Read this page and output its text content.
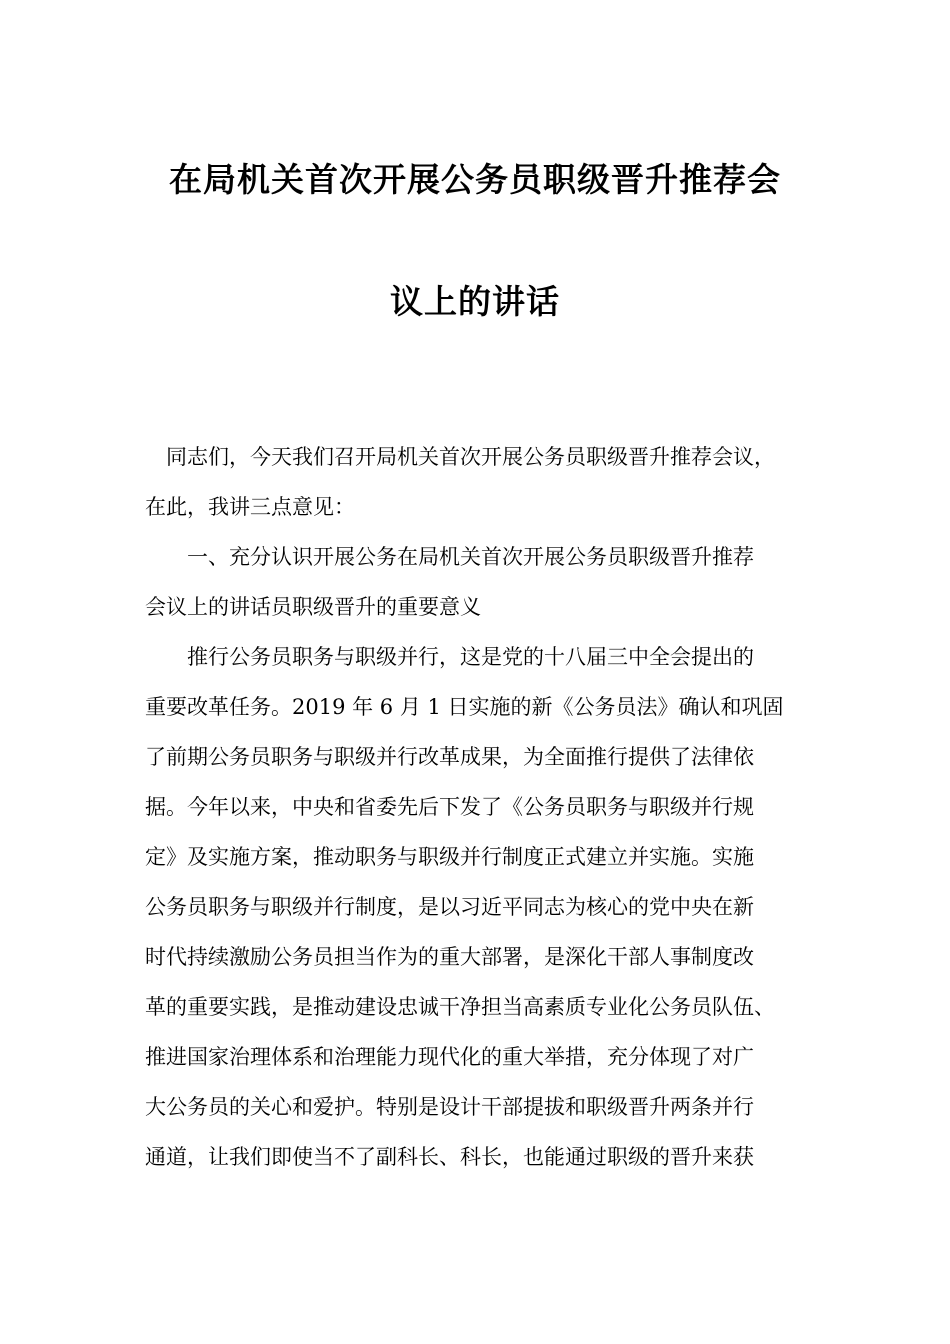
在局机关首次开展公务员职级晋升推荐会
议上的讲话
　同志们，今天我们召开局机关首次开展公务员职级晋升推荐会议，
在此，我讲三点意见：
　　一、充分认识开展公务在局机关首次开展公务员职级晋升推荐
会议上的讲话员职级晋升的重要意义
　　推行公务员职务与职级并行，这是党的十八届三中全会提出的
重要改革任务。2019 年 6 月 1 日实施的新《公务员法》确认和巩固
了前期公务员职务与职级并行改革成果，为全面推行提供了法律依
据。今年以来，中央和省委先后下发了《公务员职务与职级并行规
定》及实施方案，推动职务与职级并行制度正式建立并实施。实施
公务员职务与职级并行制度，是以习近平同志为核心的党中央在新
时代持续激励公务员担当作为的重大部署，是深化干部人事制度改
革的重要实践，是推动建设忠诚干净担当高素质专业化公务员队伍、
推进国家治理体系和治理能力现代化的重大举措，充分体现了对广
大公务员的关心和爱护。特别是设计干部提拔和职级晋升两条并行
通道，让我们即使当不了副科长、科长，也能通过职级的晋升来获
